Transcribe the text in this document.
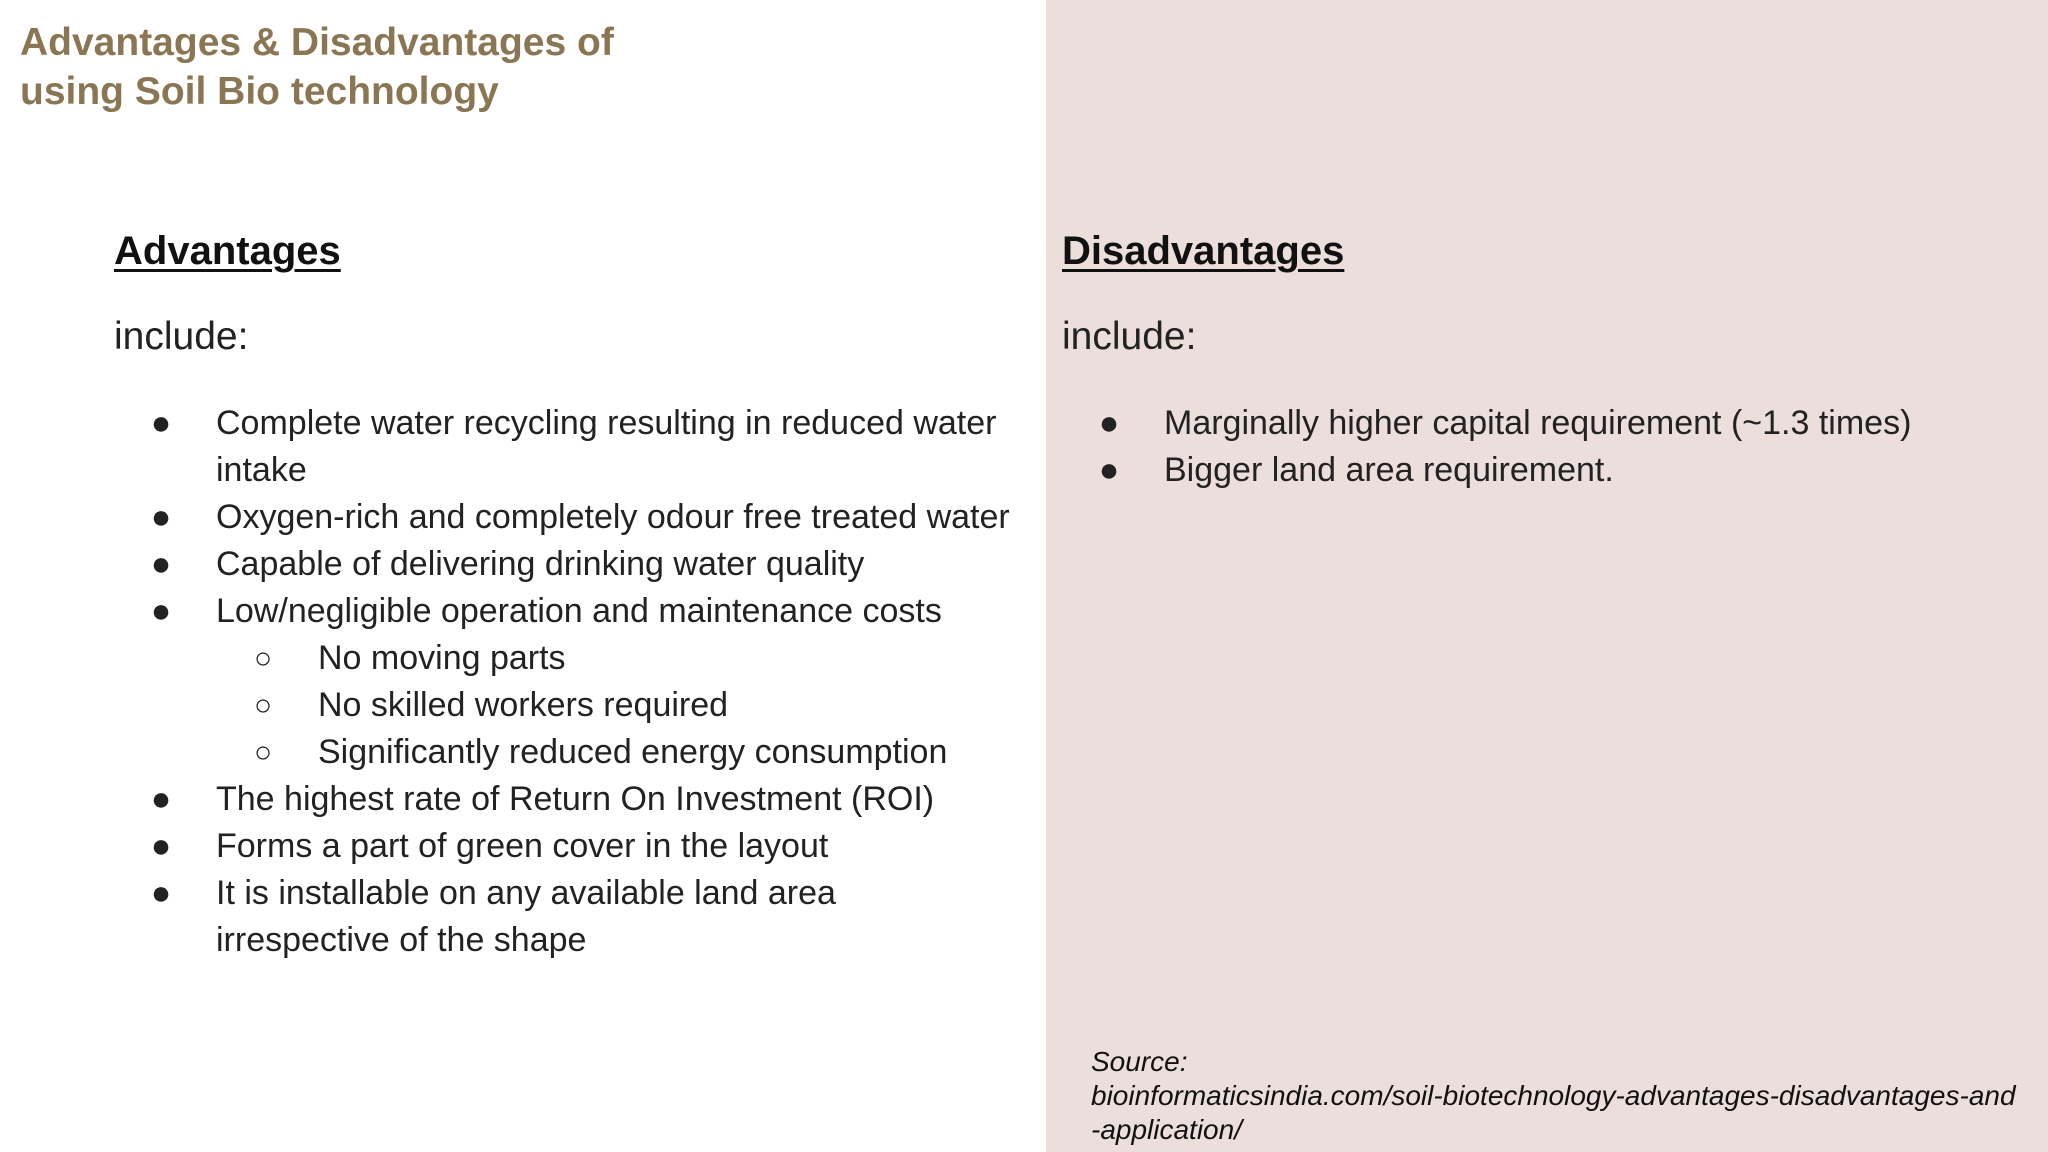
Advantages & Disadvantages of using Soil Bio technology
Advantages

include:

● Complete water recycling resulting in reduced water intake
● Oxygen-rich and completely odour free treated water
● Capable of delivering drinking water quality
● Low/negligible operation and maintenance costs
○ No moving parts
○ No skilled workers required
○ Significantly reduced energy consumption
● The highest rate of Return On Investment (ROI)
● Forms a part of green cover in the layout
● It is installable on any available land area irrespective of the shape
Disadvantages

include:

● Marginally higher capital requirement (~1.3 times)
● Bigger land area requirement.
Source:
bioinformaticsindia.com/soil-biotechnology-advantages-disadvantages-and
-application/
